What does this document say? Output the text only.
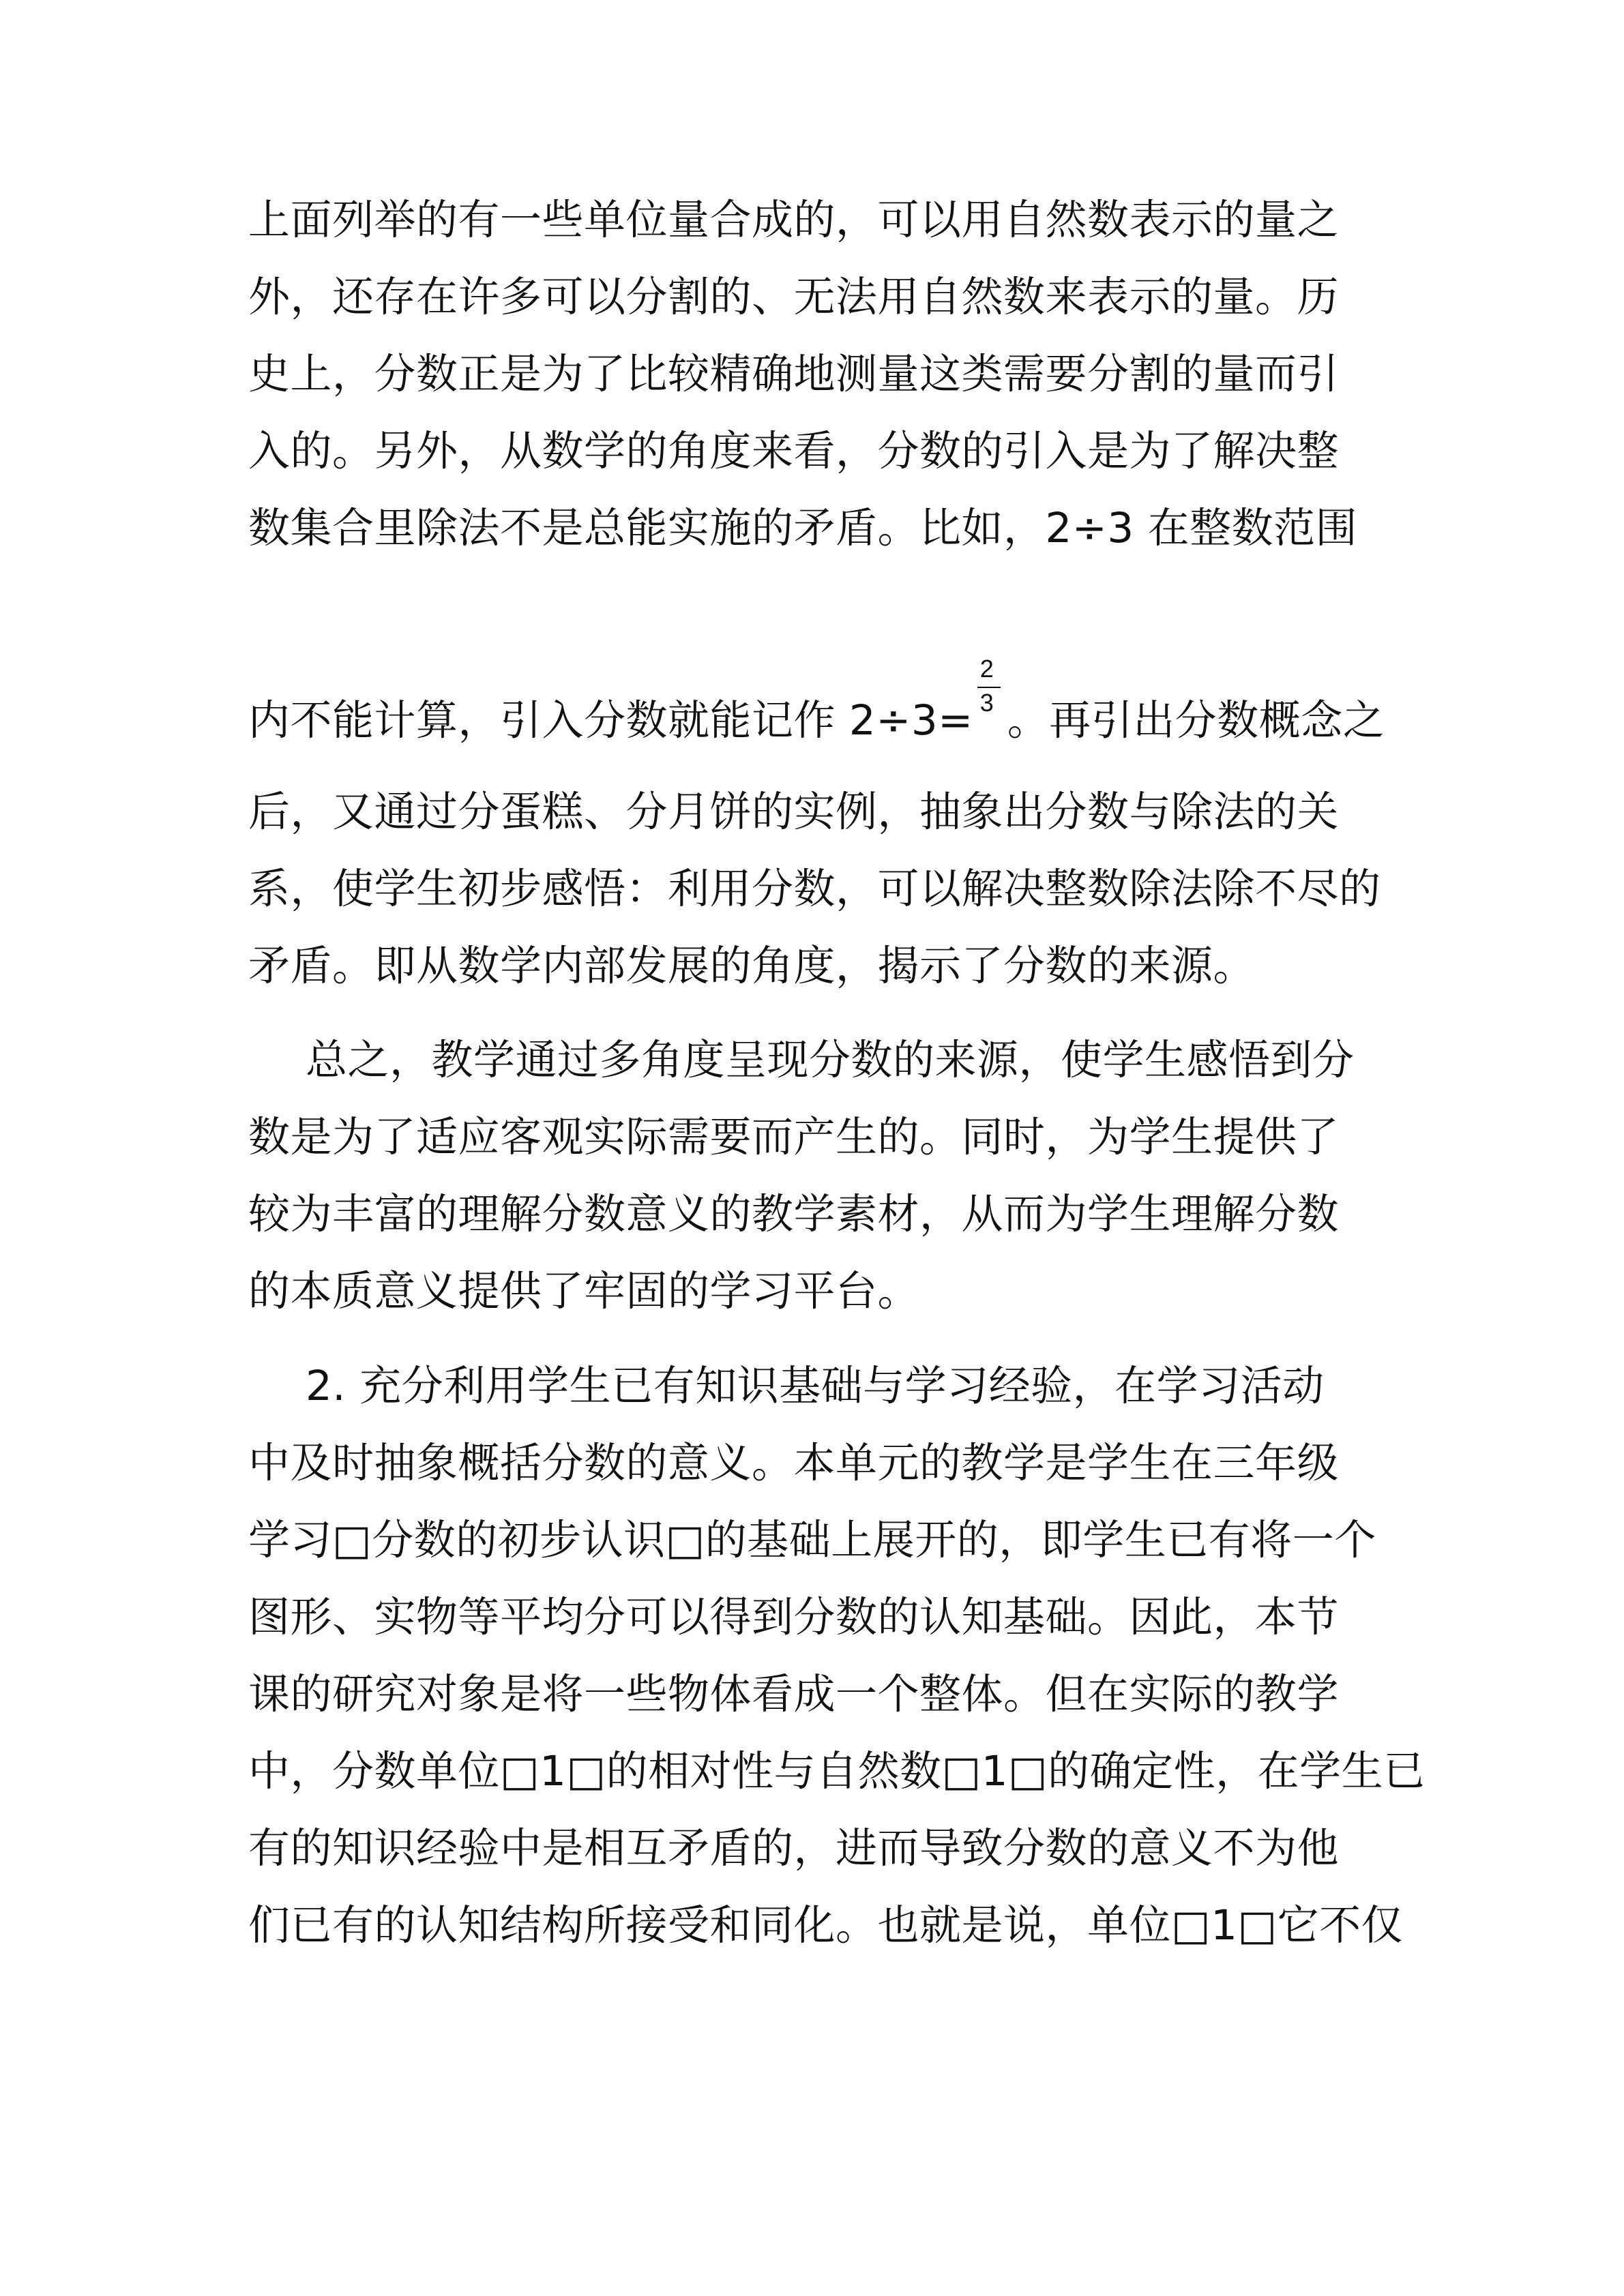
上面列举的有一些单位量合成的，可以用自然数表示的量之
外，还存在许多可以分割的、无法用自然数来表示的量。历
史上，分数正是为了比较精确地测量这类需要分割的量而引
入的。另外，从数学的角度来看，分数的引入是为了解决整
数集合里除法不是总能实施的矛盾。比如，2÷3 在整数范围
内不能计算，引入分数就能记作 $2\div 3= \frac{2}{3}$ 。再引出分数概念之
后，又通过分蛋糕、分月饼的实例，抽象出分数与除法的关
系，使学生初步感悟：利用分数，可以解决整数除法除不尽的
矛盾。即从数学内部发展的角度，揭示了分数的来源。
总之，教学通过多角度呈现分数的来源，使学生感悟到分
数是为了适应客观实际需要而产生的。同时，为学生提供了
较为丰富的理解分数意义的教学素材，从而为学生理解分数
的本质意义提供了牢固的学习平台。
2. 充分利用学生已有知识基础与学习经验，在学习活动
中及时抽象概括分数的意义。本单元的教学是学生在三年级
学习□分数的初步认识□的基础上展开的，即学生已有将一个
图形、实物等平均分可以得到分数的认知基础。因此，本节
课的研究对象是将一些物体看成一个整体。但在实际的教学
中，分数单位□1□的相对性与自然数□1□的确定性，在学生已
有的知识经验中是相互矛盾的，进而导致分数的意义不为他
们已有的认知结构所接受和同化。也就是说，单位□1□它不仅
